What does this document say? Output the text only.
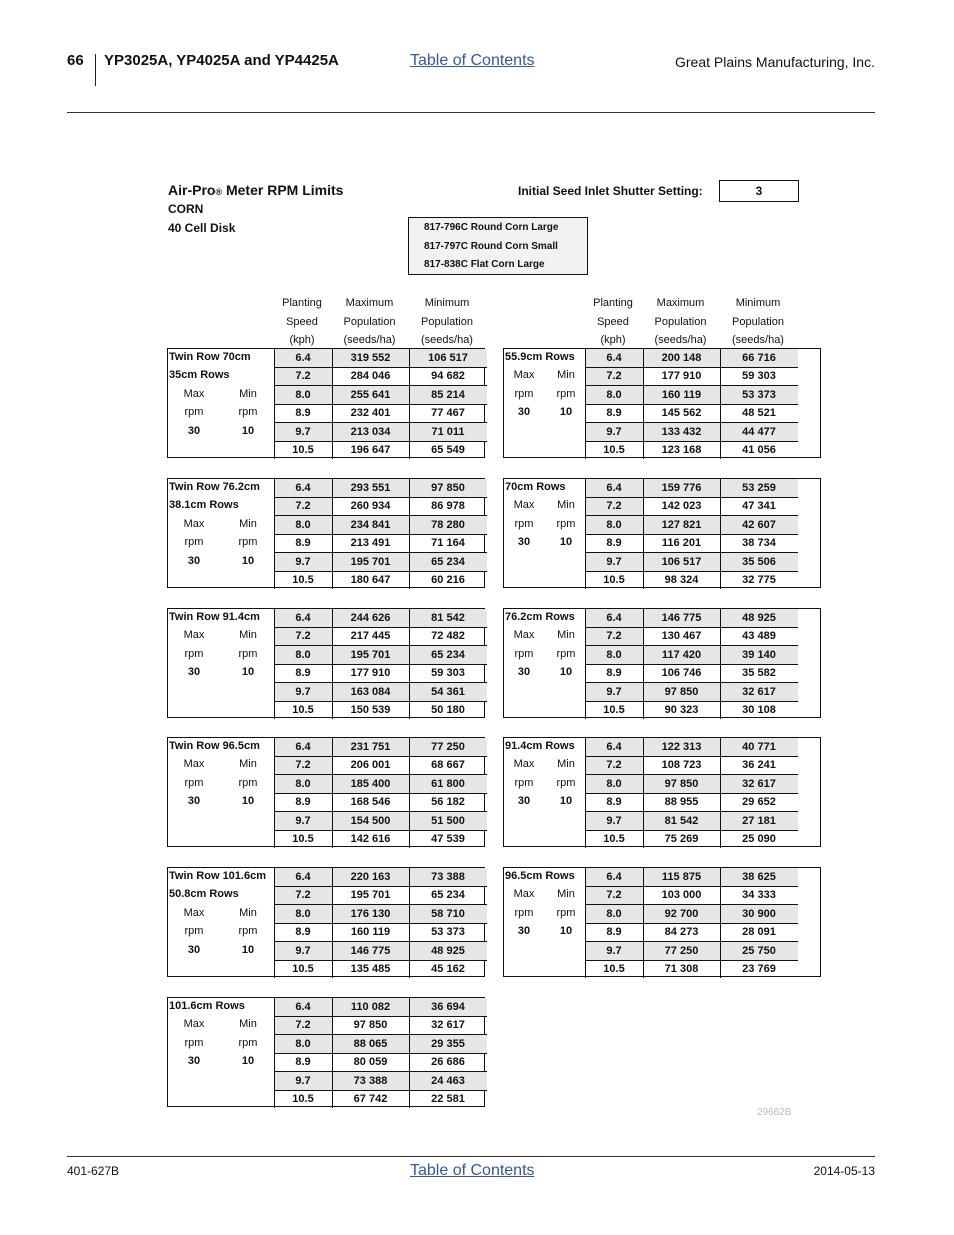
66 YP3025A, YP4025A and YP4425A	Table of Contents	Great Plains Manufacturing, Inc.
Air-Pro® Meter RPM Limits
CORN
40 Cell Disk
Initial Seed Inlet Shutter Setting:	3
817-796C Round Corn Large
817-797C Round Corn Small
817-838C Flat Corn Large
Planting
Speed
(kph)
Maximum
Population
(seeds/ha)
Minimum
Population
(seeds/ha)
Planting
Speed
(kph)
Maximum
Population
(seeds/ha)
Minimum
Population
(seeds/ha)
Twin Row 70cm
35cm Rows
Max	Min
rpm	rpm
30	10
6.4	319 552	106 517
7.2	284 046	94 682
8.0	255 641	85 214
8.9	232 401	77 467
9.7	213 034	71 011
10.5	196 647	65 549
55.9cm Rows
Max	Min
rpm	rpm
30	10
6.4	200 148	66 716
7.2	177 910	59 303
8.0	160 119	53 373
8.9	145 562	48 521
9.7	133 432	44 477
10.5	123 168	41 056
Twin Row 76.2cm
38.1cm Rows
Max	Min
rpm	rpm
30	10
6.4	293 551	97 850
7.2	260 934	86 978
8.0	234 841	78 280
8.9	213 491	71 164
9.7	195 701	65 234
10.5	180 647	60 216
70cm Rows
Max	Min
rpm	rpm
30	10
6.4	159 776	53 259
7.2	142 023	47 341
8.0	127 821	42 607
8.9	116 201	38 734
9.7	106 517	35 506
10.5	98 324	32 775
Twin Row 91.4cm
Max	Min
rpm	rpm
30	10
6.4	244 626	81 542
7.2	217 445	72 482
8.0	195 701	65 234
8.9	177 910	59 303
9.7	163 084	54 361
10.5	150 539	50 180
76.2cm Rows
Max	Min
rpm	rpm
30	10
6.4	146 775	48 925
7.2	130 467	43 489
8.0	117 420	39 140
8.9	106 746	35 582
9.7	97 850	32 617
10.5	90 323	30 108
Twin Row 96.5cm
Max	Min
rpm	rpm
30	10
6.4	231 751	77 250
7.2	206 001	68 667
8.0	185 400	61 800
8.9	168 546	56 182
9.7	154 500	51 500
10.5	142 616	47 539
91.4cm Rows
Max	Min
rpm	rpm
30	10
6.4	122 313	40 771
7.2	108 723	36 241
8.0	97 850	32 617
8.9	88 955	29 652
9.7	81 542	27 181
10.5	75 269	25 090
Twin Row 101.6cm
50.8cm Rows
Max	Min
rpm	rpm
30	10
6.4	220 163	73 388
7.2	195 701	65 234
8.0	176 130	58 710
8.9	160 119	53 373
9.7	146 775	48 925
10.5	135 485	45 162
96.5cm Rows
Max	Min
rpm	rpm
30	10
6.4	115 875	38 625
7.2	103 000	34 333
8.0	92 700	30 900
8.9	84 273	28 091
9.7	77 250	25 750
10.5	71 308	23 769
101.6cm Rows
Max	Min
rpm	rpm
30	10
6.4	110 082	36 694
7.2	97 850	32 617
8.0	88 065	29 355
8.9	80 059	26 686
9.7	73 388	24 463
10.5	67 742	22 581
29662B
401-627B	Table of Contents	2014-05-13
